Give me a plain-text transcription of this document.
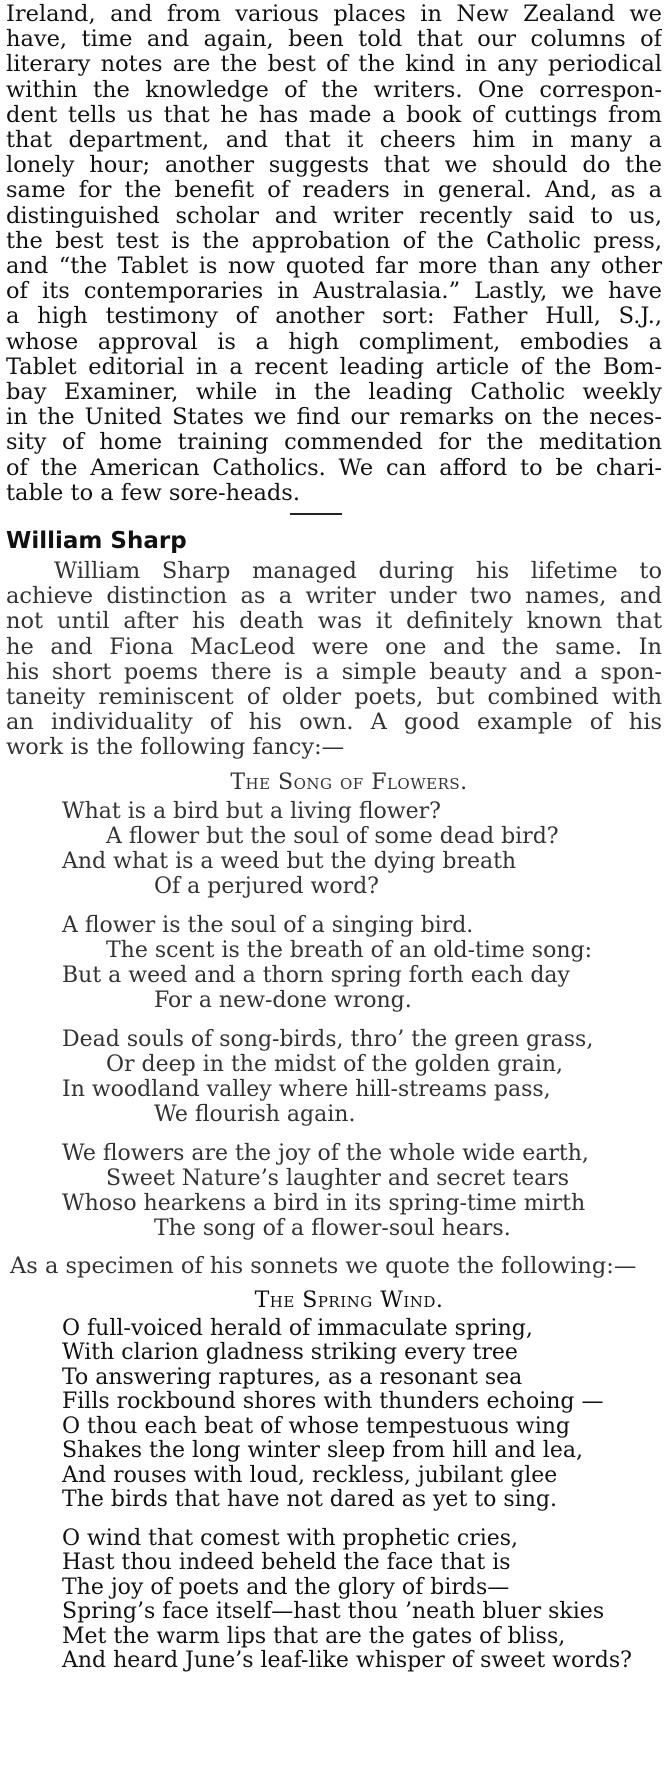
Ireland, and from various places in New Zealand we
have, time and again, been told that our columns of
literary notes are the best of the kind in any periodical
within the knowledge of the writers. One correspon-
dent tells us that he has made a book of cuttings from
that department, and that it cheers him in many a
lonely hour; another suggests that we should do the
same for the benefit of readers in general. And, as a
distinguished scholar and writer recently said to us,
the best test is the approbation of the Catholic press,
and “the Tablet is now quoted far more than any other
of its contemporaries in Australasia.” Lastly, we have
a high testimony of another sort: Father Hull, S.J.,
whose approval is a high compliment, embodies a
Tablet editorial in a recent leading article of the Bom-
bay Examiner, while in the leading Catholic weekly
in the United States we find our remarks on the neces-
sity of home training commended for the meditation
of the American Catholics. We can afford to be chari-
table to a few sore-heads.
William Sharp
William Sharp managed during his lifetime to
achieve distinction as a writer under two names, and
not until after his death was it definitely known that
he and Fiona MacLeod were one and the same. In
his short poems there is a simple beauty and a spon-
taneity reminiscent of older poets, but combined with
an individuality of his own. A good example of his
work is the following fancy:—
The Song of Flowers.
What is a bird but a living flower?
A flower but the soul of some dead bird?
And what is a weed but the dying breath
Of a perjured word?
A flower is the soul of a singing bird.
The scent is the breath of an old-time song:
But a weed and a thorn spring forth each day
For a new-done wrong.
Dead souls of song-birds, thro’ the green grass,
Or deep in the midst of the golden grain,
In woodland valley where hill-streams pass,
We flourish again.
We flowers are the joy of the whole wide earth,
Sweet Nature’s laughter and secret tears
Whoso hearkens a bird in its spring-time mirth
The song of a flower-soul hears.
As a specimen of his sonnets we quote the following:—
The Spring Wind.
O full-voiced herald of immaculate spring,
With clarion gladness striking every tree
To answering raptures, as a resonant sea
Fills rockbound shores with thunders echoing —
O thou each beat of whose tempestuous wing
Shakes the long winter sleep from hill and lea,
And rouses with loud, reckless, jubilant glee
The birds that have not dared as yet to sing.
O wind that comest with prophetic cries,
Hast thou indeed beheld the face that is
The joy of poets and the glory of birds—
Spring’s face itself—hast thou ’neath bluer skies
Met the warm lips that are the gates of bliss,
And heard June’s leaf-like whisper of sweet words?
